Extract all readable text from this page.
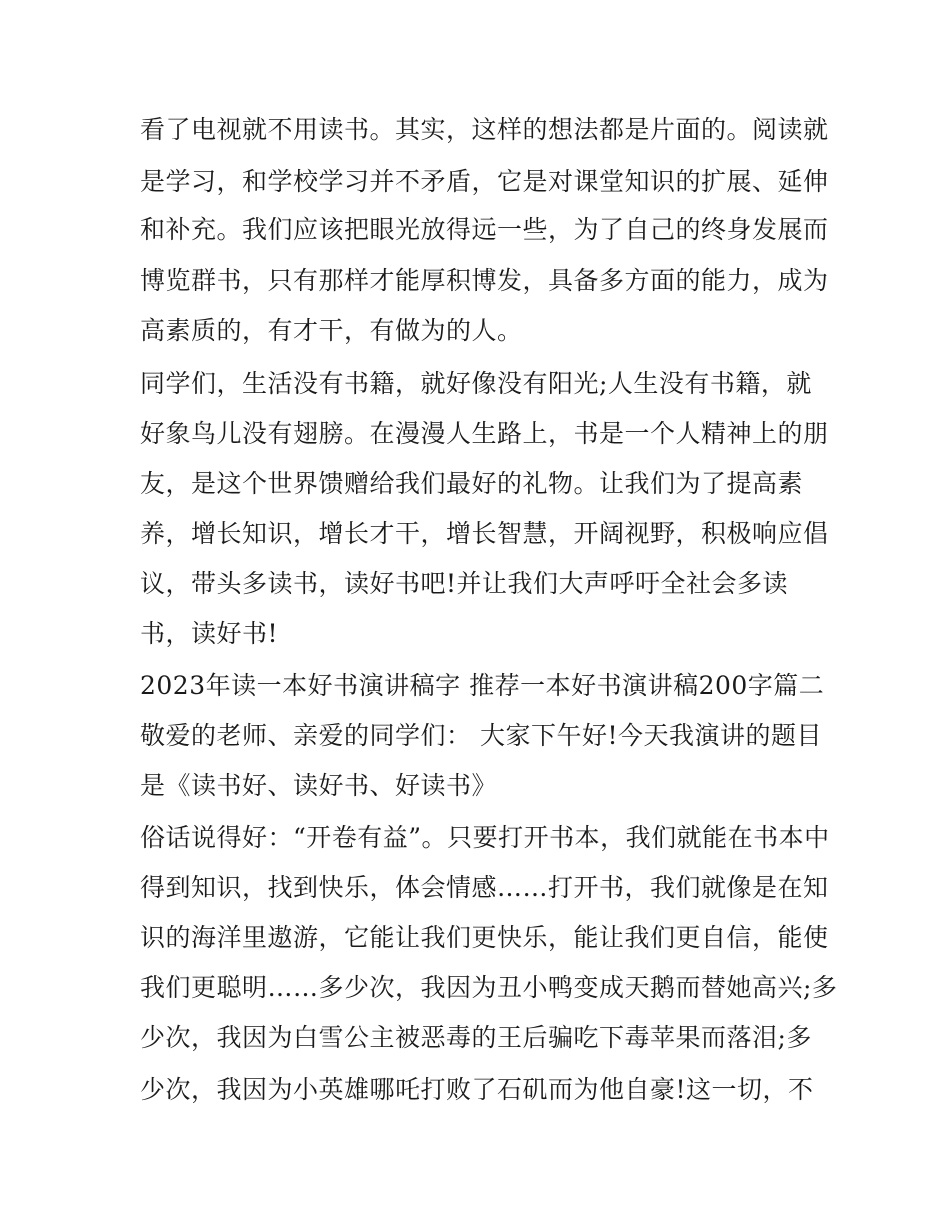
看了电视就不用读书。其实，这样的想法都是片面的。阅读就
是学习，和学校学习并不矛盾，它是对课堂知识的扩展、延伸
和补充。我们应该把眼光放得远一些，为了自己的终身发展而
博览群书，只有那样才能厚积博发，具备多方面的能力，成为
高素质的，有才干，有做为的人。
同学们，生活没有书籍，就好像没有阳光;人生没有书籍，就
好象鸟儿没有翅膀。在漫漫人生路上，书是一个人精神上的朋
友，是这个世界馈赠给我们最好的礼物。让我们为了提高素
养，增长知识，增长才干，增长智慧，开阔视野，积极响应倡
议，带头多读书，读好书吧!并让我们大声呼吁全社会多读
书，读好书!
2023年读一本好书演讲稿字 推荐一本好书演讲稿200字篇二
敬爱的老师、亲爱的同学们： 大家下午好!今天我演讲的题目
是《读书好、读好书、好读书》
俗话说得好：“开卷有益”。只要打开书本，我们就能在书本中
得到知识，找到快乐，体会情感……打开书，我们就像是在知
识的海洋里遨游，它能让我们更快乐，能让我们更自信，能使
我们更聪明……多少次，我因为丑小鸭变成天鹅而替她高兴;多
少次，我因为白雪公主被恶毒的王后骗吃下毒苹果而落泪;多
少次，我因为小英雄哪吒打败了石矶而为他自豪!这一切，不
